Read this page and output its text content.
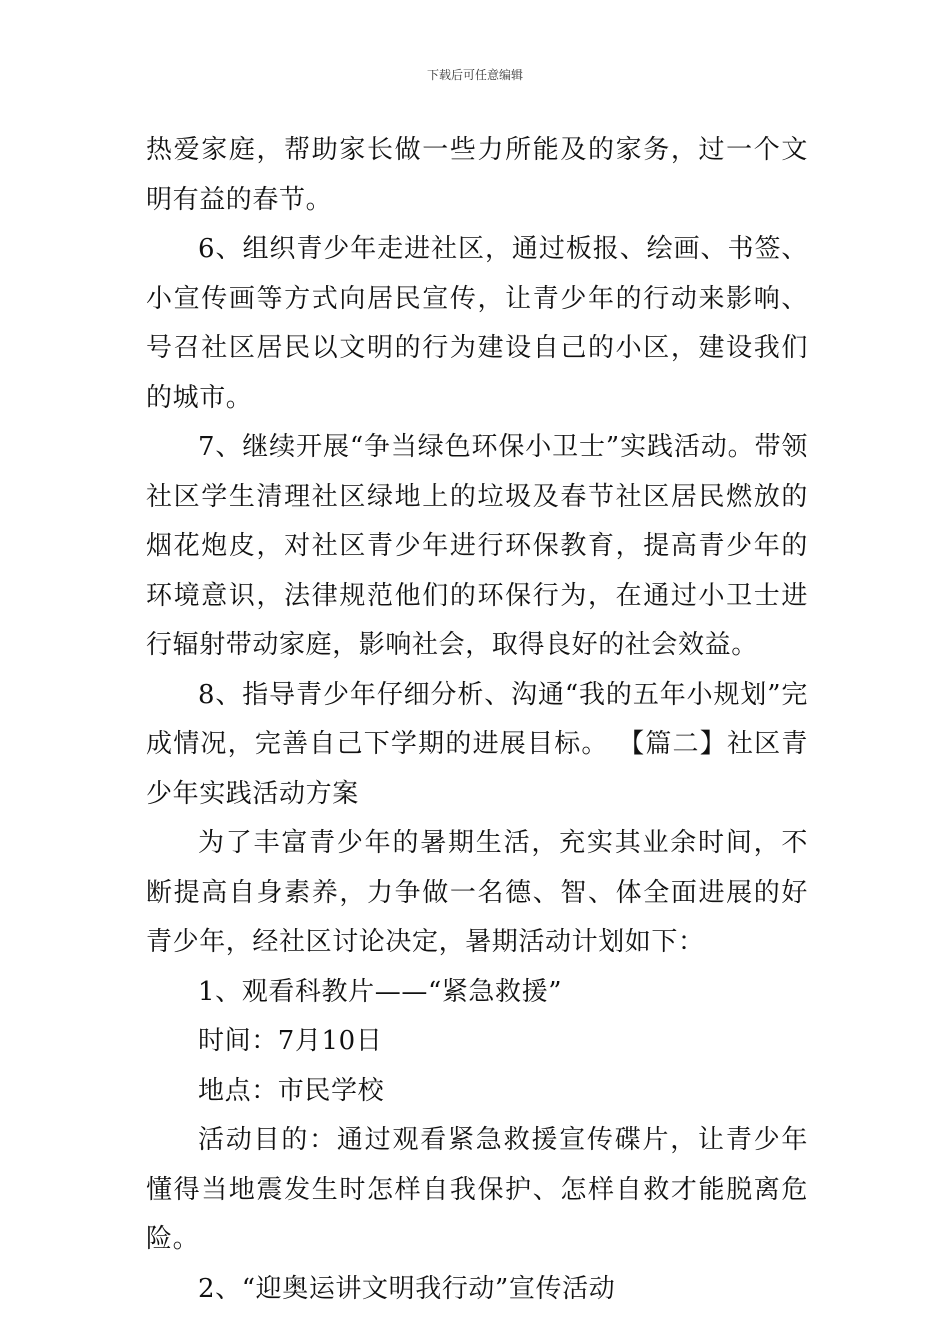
下载后可任意编辑

热爱家庭，帮助家长做一些力所能及的家务，过一个文明有益的春节。

6、组织青少年走进社区，通过板报、绘画、书签、小宣传画等方式向居民宣传，让青少年的行动来影响、号召社区居民以文明的行为建设自己的小区，建设我们的城市。

7、继续开展“争当绿色环保小卫士”实践活动。带领社区学生清理社区绿地上的垃圾及春节社区居民燃放的烟花炮皮，对社区青少年进行环保教育，提高青少年的环境意识，法律规范他们的环保行为，在通过小卫士进行辐射带动家庭，影响社会，取得良好的社会效益。

8、指导青少年仔细分析、沟通“我的五年小规划”完成情况，完善自己下学期的进展目标。 【篇二】社区青少年实践活动方案

为了丰富青少年的暑期生活，充实其业余时间，不断提高自身素养，力争做一名德、智、体全面进展的好青少年，经社区讨论决定，暑期活动计划如下：

1、观看科教片——“紧急救援”

时间：7月10日

地点：市民学校

活动目的：通过观看紧急救援宣传碟片，让青少年懂得当地震发生时怎样自我保护、怎样自救才能脱离危险。

2、“迎奥运讲文明我行动”宣传活动
